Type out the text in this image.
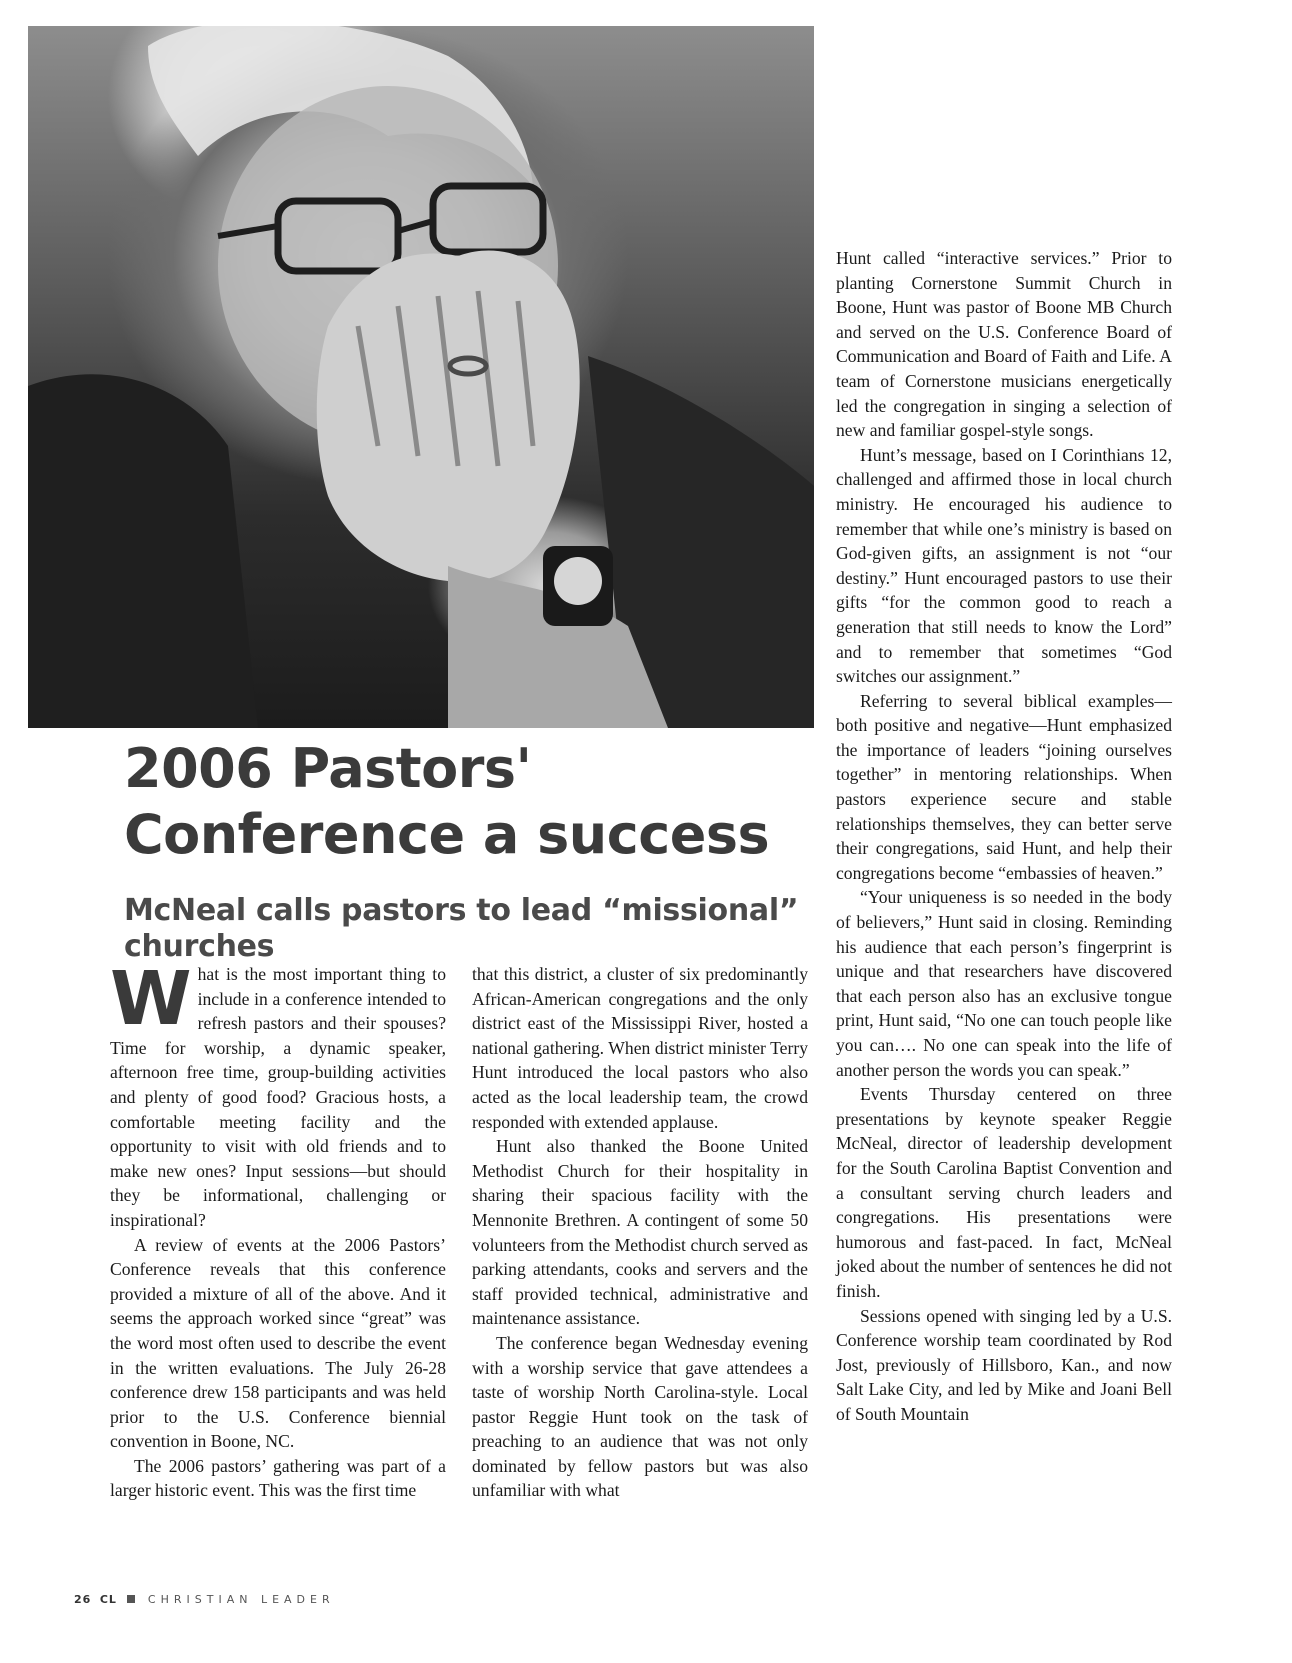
2006 Pastors' Conference a success
McNeal calls pastors to lead “missional” churches

What is the most important thing to include in a conference intended to refresh pastors and their spouses? Time for worship, a dynamic speaker, afternoon free time, group-building activities and plenty of good food? Gracious hosts, a comfortable meeting facility and the opportunity to visit with old friends and to make new ones? Input sessions—but should they be informational, challenging or inspirational?

A review of events at the 2006 Pastors’ Conference reveals that this conference provided a mixture of all of the above. And it seems the approach worked since “great” was the word most often used to describe the event in the written evaluations. The July 26-28 conference drew 158 participants and was held prior to the U.S. Conference biennial convention in Boone, NC.

The 2006 pastors’ gathering was part of a larger historic event. This was the first time

that this district, a cluster of six predominantly African-American congregations and the only district east of the Mississippi River, hosted a national gathering. When district minister Terry Hunt introduced the local pastors who also acted as the local leadership team, the crowd responded with extended applause.

Hunt also thanked the Boone United Methodist Church for their hospitality in sharing their spacious facility with the Mennonite Brethren. A contingent of some 50 volunteers from the Methodist church served as parking attendants, cooks and servers and the staff provided technical, administrative and maintenance assistance.

The conference began Wednesday evening with a worship service that gave attendees a taste of worship North Carolina-style. Local pastor Reggie Hunt took on the task of preaching to an audience that was not only dominated by fellow pastors but was also unfamiliar with what

Hunt called “interactive services.” Prior to planting Cornerstone Summit Church in Boone, Hunt was pastor of Boone MB Church and served on the U.S. Conference Board of Communication and Board of Faith and Life. A team of Cornerstone musicians energetically led the congregation in singing a selection of new and familiar gospel-style songs.

Hunt’s message, based on I Corinthians 12, challenged and affirmed those in local church ministry. He encouraged his audience to remember that while one’s ministry is based on God-given gifts, an assignment is not “our destiny.” Hunt encouraged pastors to use their gifts “for the common good to reach a generation that still needs to know the Lord” and to remember that sometimes “God switches our assignment.”

Referring to several biblical examples—both positive and negative—Hunt emphasized the importance of leaders “joining ourselves together” in mentoring relationships. When pastors experience secure and stable relationships themselves, they can better serve their congregations, said Hunt, and help their congregations become “embassies of heaven.”

“Your uniqueness is so needed in the body of believers,” Hunt said in closing. Reminding his audience that each person’s fingerprint is unique and that researchers have discovered that each person also has an exclusive tongue print, Hunt said, “No one can touch people like you can…. No one can speak into the life of another person the words you can speak.”

Events Thursday centered on three presentations by keynote speaker Reggie McNeal, director of leadership development for the South Carolina Baptist Convention and a consultant serving church leaders and congregations. His presentations were humorous and fast-paced. In fact, McNeal joked about the number of sentences he did not finish.

Sessions opened with singing led by a U.S. Conference worship team coordinated by Rod Jost, previously of Hillsboro, Kan., and now Salt Lake City, and led by Mike and Joani Bell of South Mountain

26 CL	CHRISTIAN LEADER
